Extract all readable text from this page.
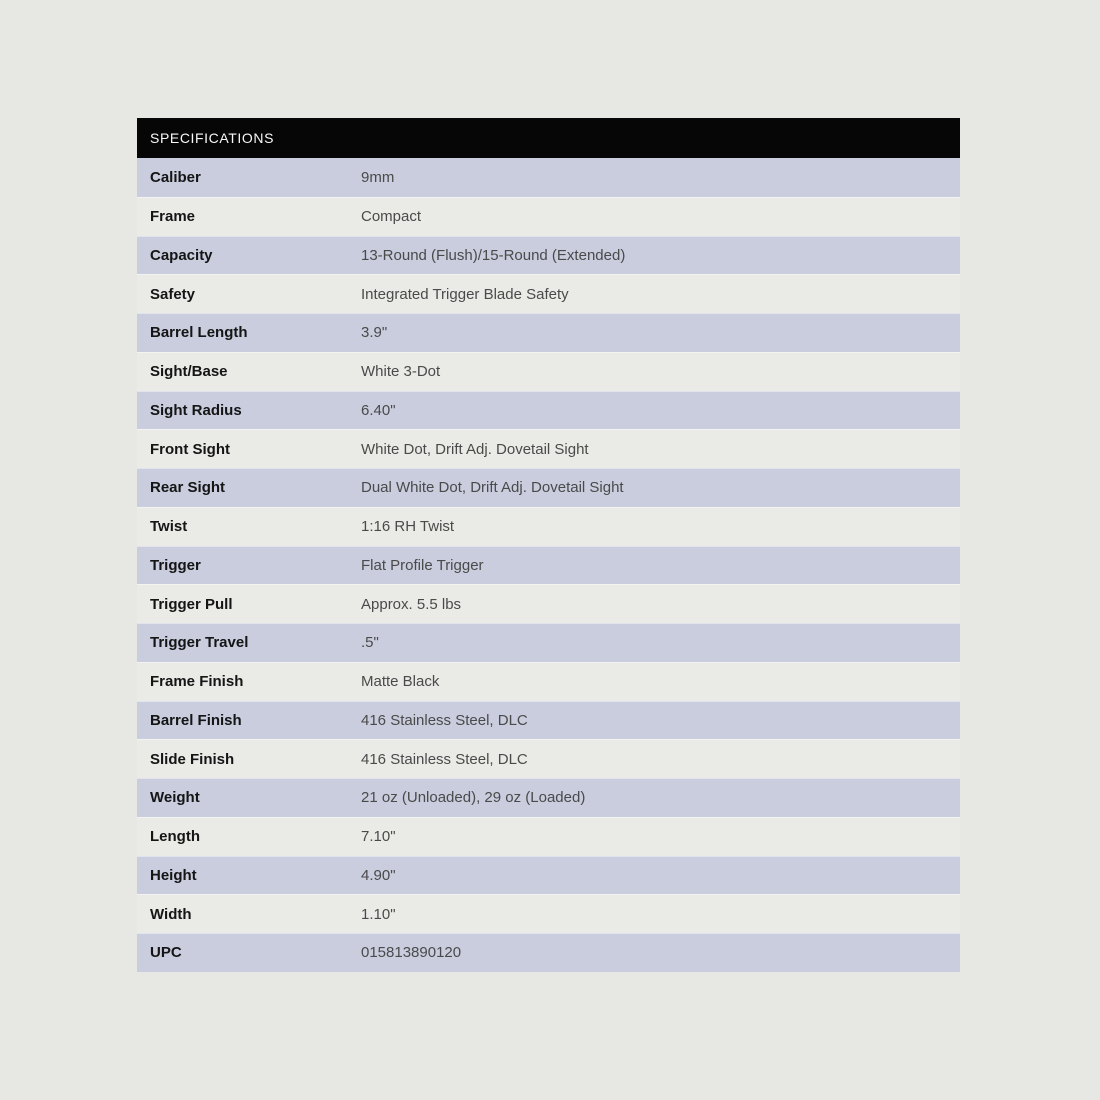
SPECIFICATIONS
Caliber	9mm
Frame	Compact
Capacity	13-Round (Flush)/15-Round (Extended)
Safety	Integrated Trigger Blade Safety
Barrel Length	3.9"
Sight/Base	White 3-Dot
Sight Radius	6.40"
Front Sight	White Dot, Drift Adj. Dovetail Sight
Rear Sight	Dual White Dot, Drift Adj. Dovetail Sight
Twist	1:16 RH Twist
Trigger	Flat Profile Trigger
Trigger Pull	Approx. 5.5 lbs
Trigger Travel	.5"
Frame Finish	Matte Black
Barrel Finish	416 Stainless Steel, DLC
Slide Finish	416 Stainless Steel, DLC
Weight	21 oz (Unloaded), 29 oz (Loaded)
Length	7.10"
Height	4.90"
Width	1.10"
UPC	015813890120
